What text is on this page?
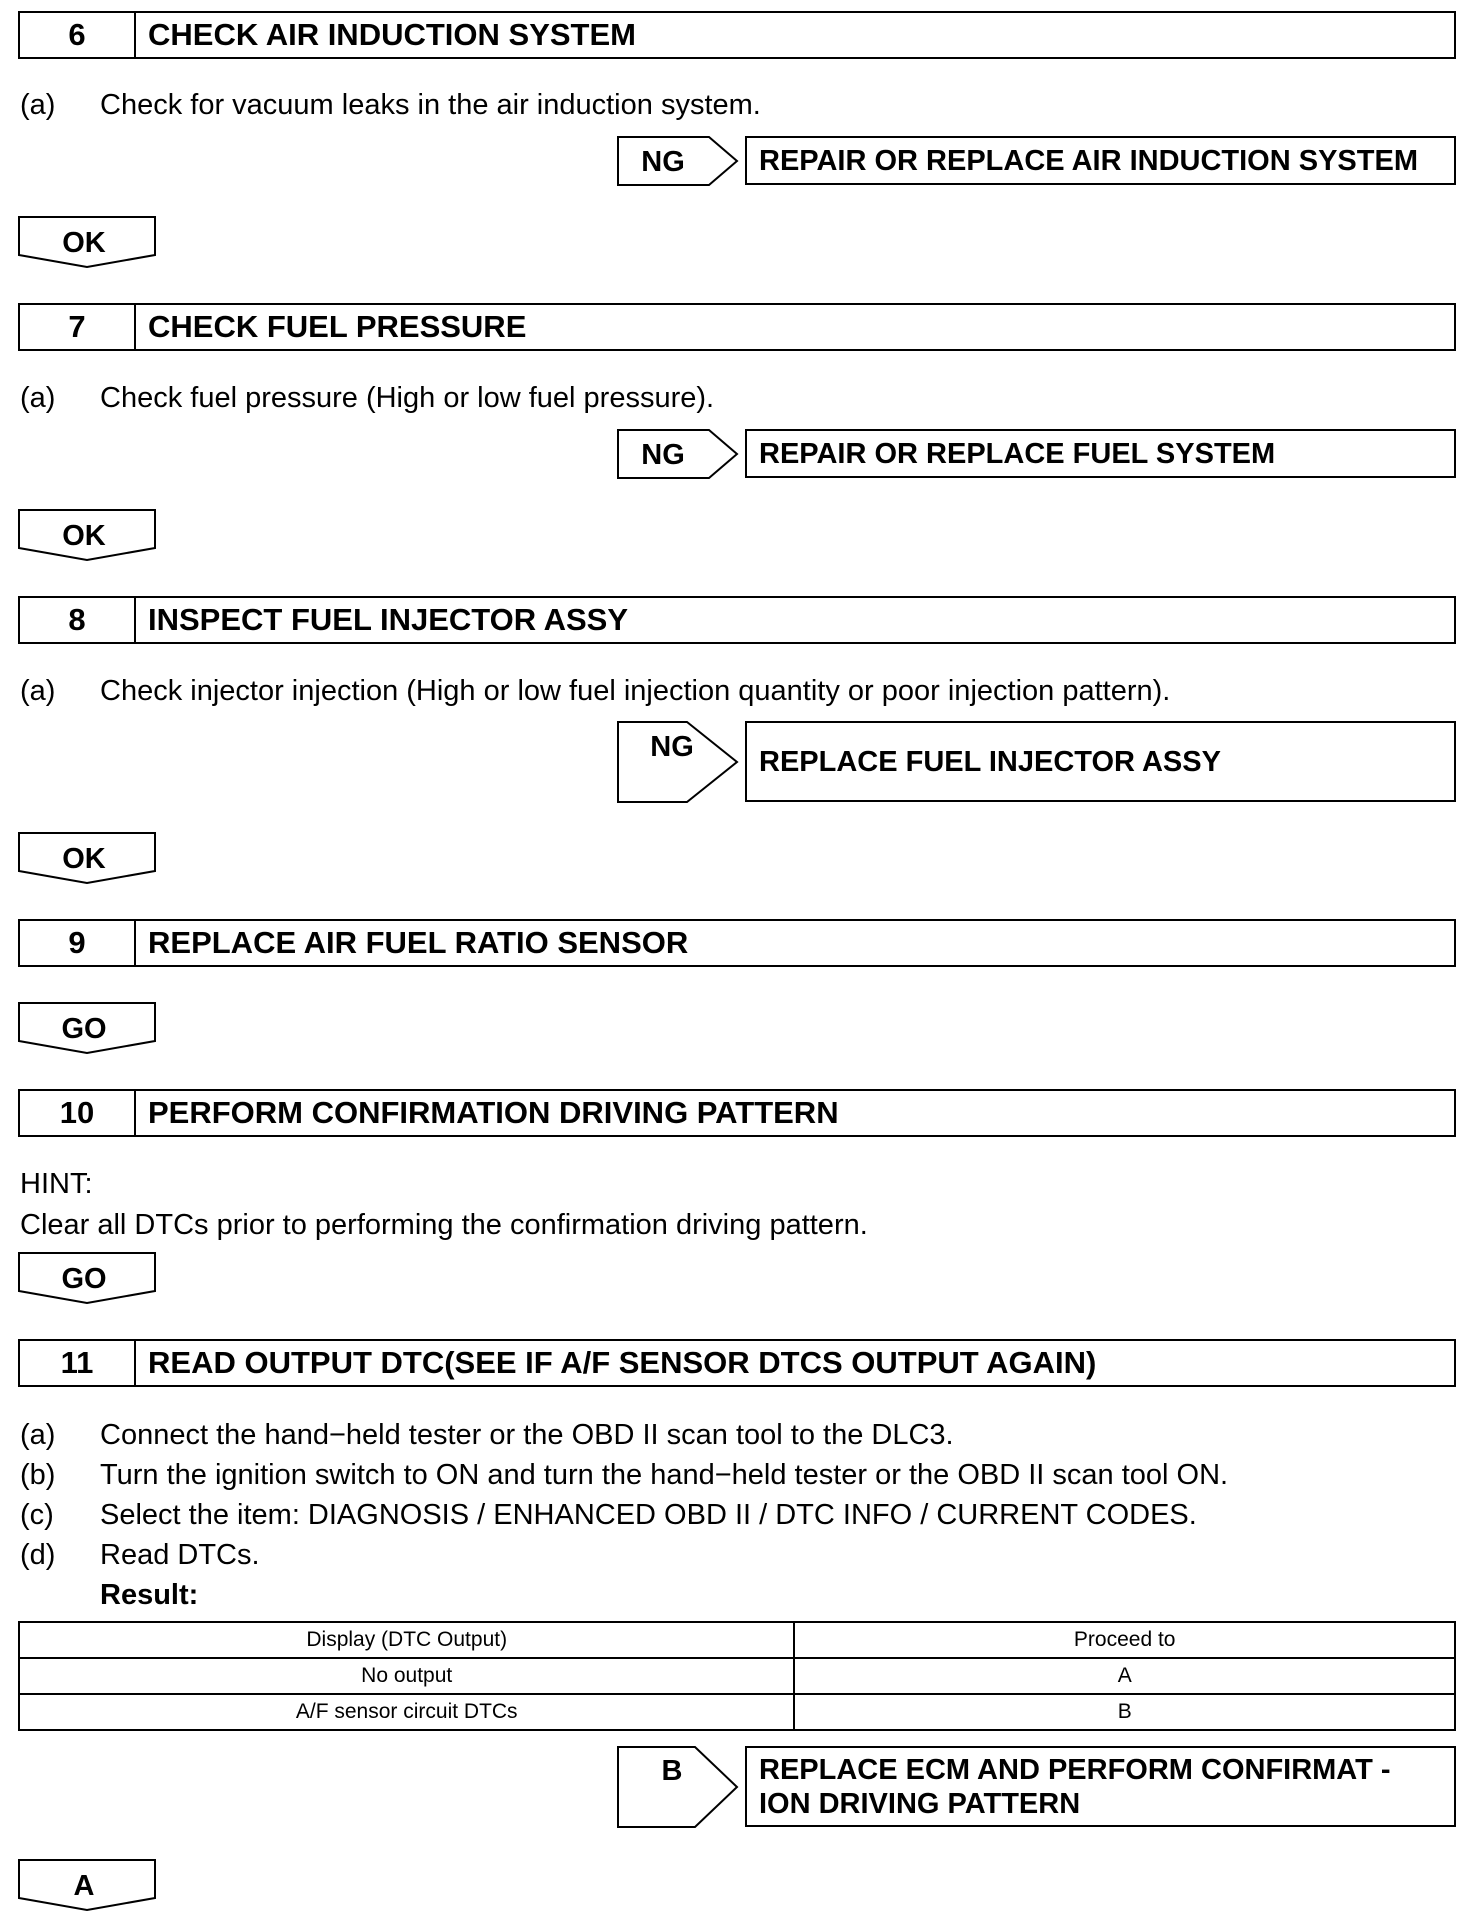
6	CHECK AIR INDUCTION SYSTEM
(a) Check for vacuum leaks in the air induction system.
NG	REPAIR OR REPLACE AIR INDUCTION SYSTEM
OK
7	CHECK FUEL PRESSURE
(a) Check fuel pressure (High or low fuel pressure).
NG	REPAIR OR REPLACE FUEL SYSTEM
OK
8	INSPECT FUEL INJECTOR ASSY
(a) Check injector injection (High or low fuel injection quantity or poor injection pattern).
NG	REPLACE FUEL INJECTOR ASSY
OK
9	REPLACE AIR FUEL RATIO SENSOR
GO
10	PERFORM CONFIRMATION DRIVING PATTERN
HINT:
Clear all DTCs prior to performing the confirmation driving pattern.
GO
11	READ OUTPUT DTC(SEE IF A/F SENSOR DTCS OUTPUT AGAIN)
(a) Connect the hand−held tester or the OBD II scan tool to the DLC3.
(b) Turn the ignition switch to ON and turn the hand−held tester or the OBD II scan tool ON.
(c) Select the item: DIAGNOSIS / ENHANCED OBD II / DTC INFO / CURRENT CODES.
(d) Read DTCs.
Result:
Display (DTC Output)	Proceed to
No output	A
A/F sensor circuit DTCs	B
B	REPLACE ECM AND PERFORM CONFIRMAT -
ION DRIVING PATTERN
A
